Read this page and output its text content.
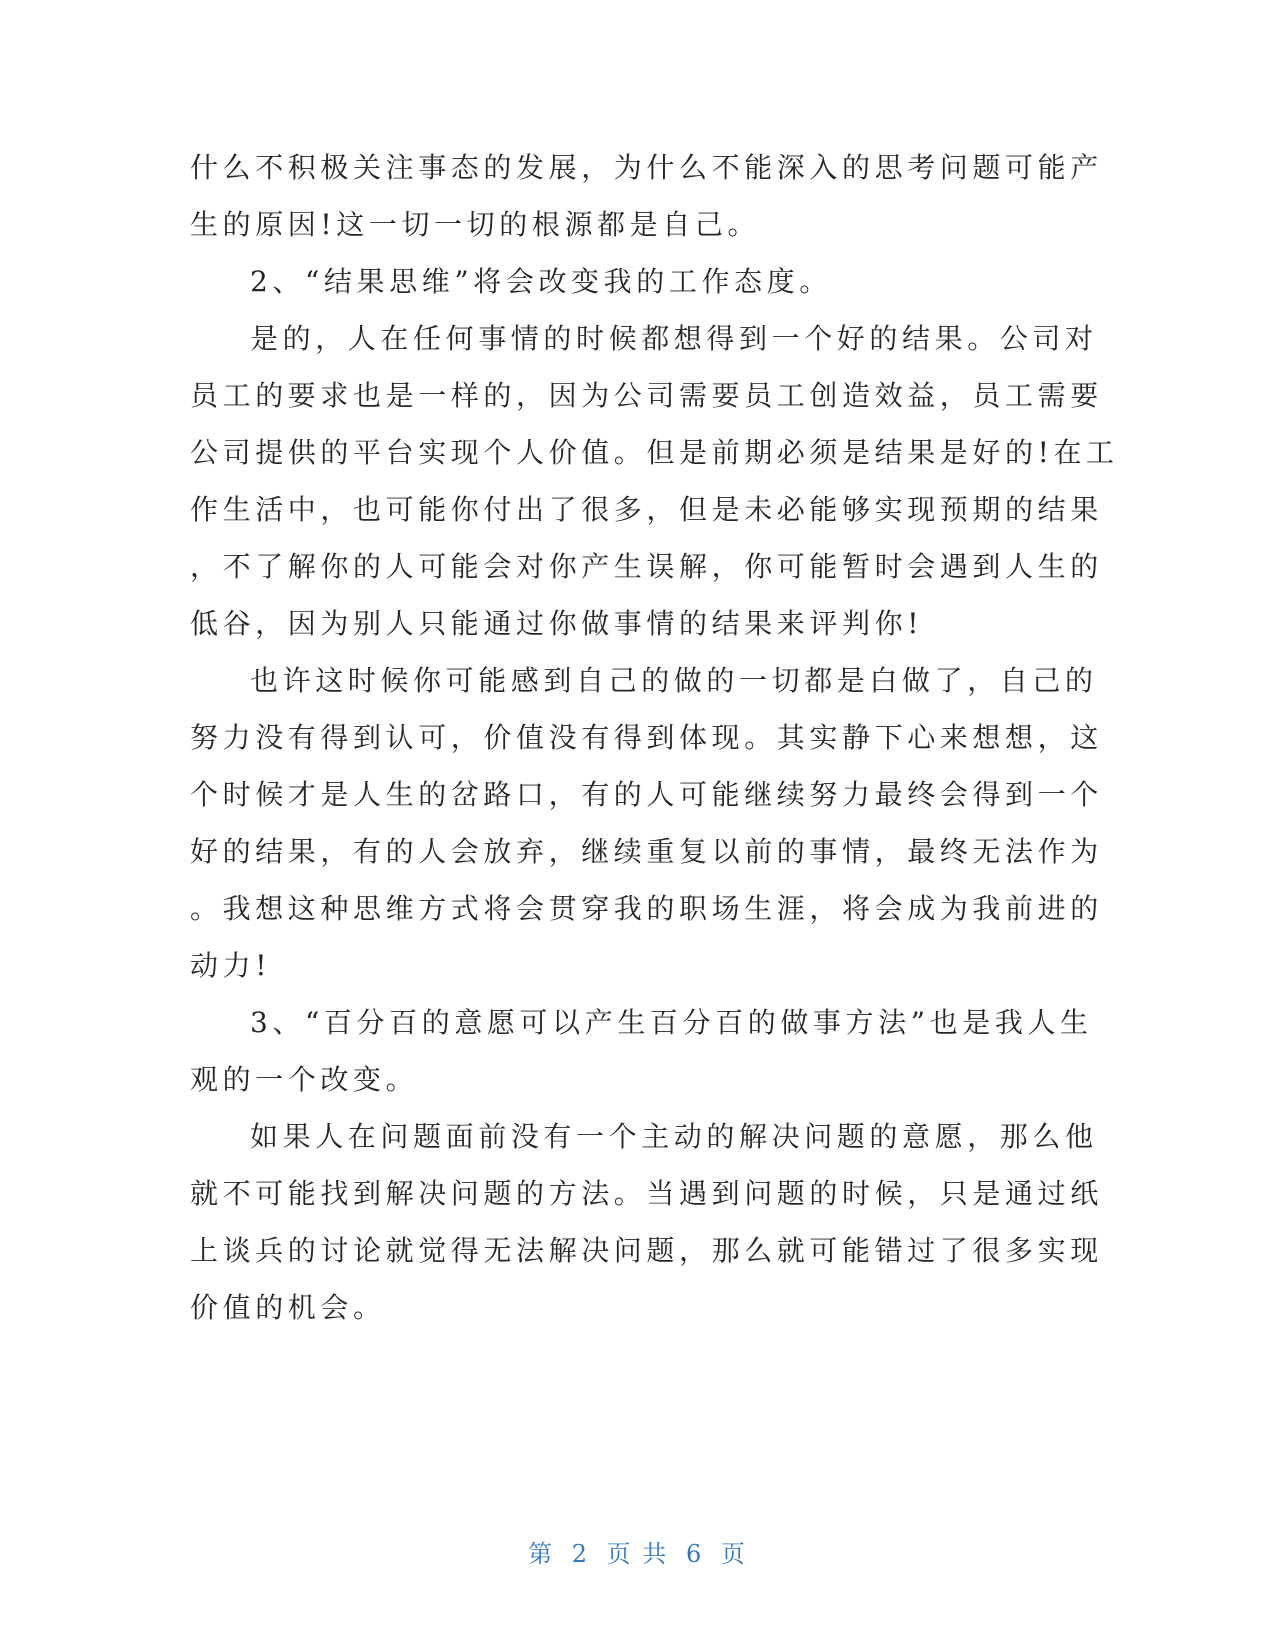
什么不积极关注事态的发展，为什么不能深入的思考问题可能产
生的原因!这一切一切的根源都是自己。
2、“结果思维”将会改变我的工作态度。
是的，人在任何事情的时候都想得到一个好的结果。公司对
员工的要求也是一样的，因为公司需要员工创造效益，员工需要
公司提供的平台实现个人价值。但是前期必须是结果是好的!在工
作生活中，也可能你付出了很多，但是未必能够实现预期的结果
，不了解你的人可能会对你产生误解，你可能暂时会遇到人生的
低谷，因为别人只能通过你做事情的结果来评判你!
也许这时候你可能感到自己的做的一切都是白做了，自己的
努力没有得到认可，价值没有得到体现。其实静下心来想想，这
个时候才是人生的岔路口，有的人可能继续努力最终会得到一个
好的结果，有的人会放弃，继续重复以前的事情，最终无法作为
。我想这种思维方式将会贯穿我的职场生涯，将会成为我前进的
动力!
3、“百分百的意愿可以产生百分百的做事方法”也是我人生
观的一个改变。
如果人在问题面前没有一个主动的解决问题的意愿，那么他
就不可能找到解决问题的方法。当遇到问题的时候，只是通过纸
上谈兵的讨论就觉得无法解决问题，那么就可能错过了很多实现
价值的机会。
第 2 页 共 6 页
